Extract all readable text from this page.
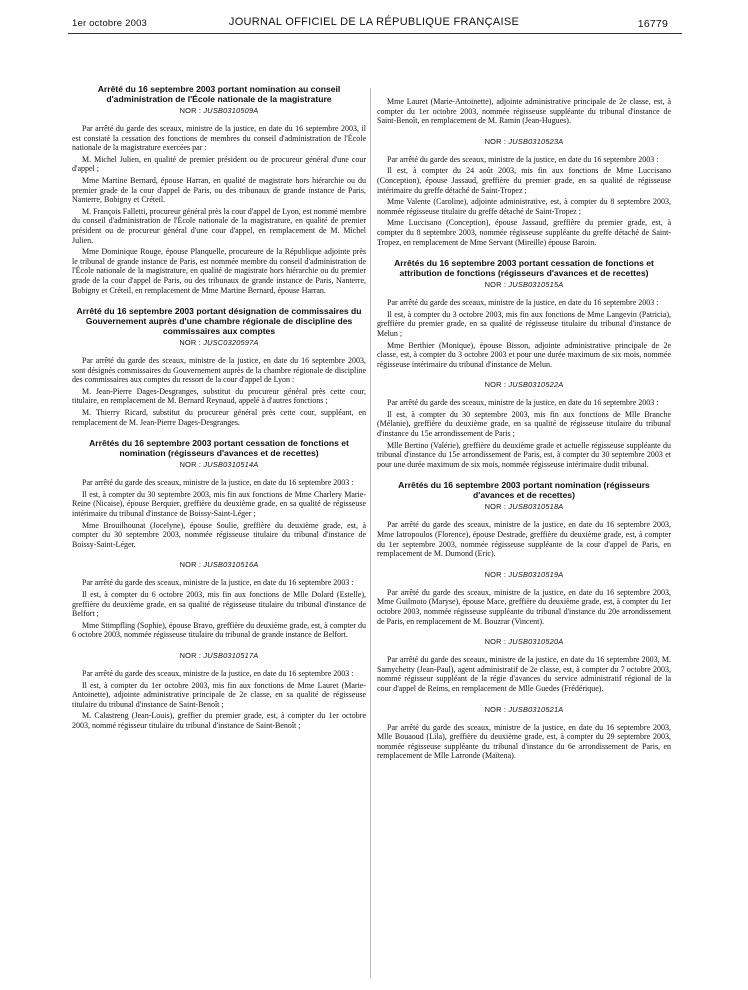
1er octobre 2003	JOURNAL OFFICIEL DE LA RÉPUBLIQUE FRANÇAISE	16779
Arrêté du 16 septembre 2003 portant nomination au conseil d'administration de l'École nationale de la magistrature
NOR : JUSB0310509A

Par arrêté du garde des sceaux, ministre de la justice, en date du 16 septembre 2003, il est constaté la cessation des fonctions de membres du conseil d'administration de l'École nationale de la magistrature exercées par :

M. Michel Julien, en qualité de premier président ou de procureur général d'une cour d'appel ;

Mme Martine Bernard, épouse Harran, en qualité de magistrate hors hiérarchie ou du premier grade de la cour d'appel de Paris, ou des tribunaux de grande instance de Paris, Nanterre, Bobigny et Créteil.

M. François Falletti, procureur général près la cour d'appel de Lyon, est nommé membre du conseil d'administration de l'École nationale de la magistrature, en qualité de premier président ou de procureur général d'une cour d'appel, en remplacement de M. Michel Julien.

Mme Dominique Rouge, épouse Planquelle, procureure de la République adjointe près le tribunal de grande instance de Paris, est nommée membre du conseil d'administration de l'École nationale de la magistrature, en qualité de magistrate hors hiérarchie ou du premier grade de la cour d'appel de Paris, ou des tribunaux de grande instance de Paris, Nanterre, Bobigny et Créteil, en remplacement de Mme Martine Bernard, épouse Harran.

Arrêté du 16 septembre 2003 portant désignation de commissaires du Gouvernement auprès d'une chambre régionale de discipline des commissaires aux comptes
NOR : JUSC0320597A

Par arrêté du garde des sceaux, ministre de la justice, en date du 16 septembre 2003, sont désignés commissaires du Gouvernement auprès de la chambre régionale de discipline des commissaires aux comptes du ressort de la cour d'appel de Lyon :

M. Jean-Pierre Dages-Desgranges, substitut du procureur général près cette cour, titulaire, en remplacement de M. Bernard Reynaud, appelé à d'autres fonctions ;

M. Thierry Ricard, substitut du procureur général près cette cour, suppléant, en remplacement de M. Jean-Pierre Dages-Desgranges.

Arrêtés du 16 septembre 2003 portant cessation de fonctions et nomination (régisseurs d'avances et de recettes)
NOR : JUSB0310514A

Par arrêté du garde des sceaux, ministre de la justice, en date du 16 septembre 2003 :

Il est, à compter du 30 septembre 2003, mis fin aux fonctions de Mme Charlery Marie-Reine (Nicaise), épouse Berquier, greffière du deuxième grade, en sa qualité de régisseuse intérimaire du tribunal d'instance de Boissy-Saint-Léger ;

Mme Brouilhounat (Jocelyne), épouse Soulie, greffière du deuxième grade, est, à compter du 30 septembre 2003, nommée régisseuse titulaire du tribunal d'instance de Boissy-Saint-Léger.

NOR : JUSB0310516A

Par arrêté du garde des sceaux, ministre de la justice, en date du 16 septembre 2003 :

Il est, à compter du 6 octobre 2003, mis fin aux fonctions de Mlle Dolard (Estelle), greffière du deuxième grade, en sa qualité de régisseuse titulaire du tribunal d'instance de Belfort ;

Mme Stimpfling (Sophie), épouse Bravo, greffière du deuxième grade, est, à compter du 6 octobre 2003, nommée régisseuse titulaire du tribunal de grande instance de Belfort.

NOR : JUSB0310517A

Par arrêté du garde des sceaux, ministre de la justice, en date du 16 septembre 2003 :

Il est, à compter du 1er octobre 2003, mis fin aux fonctions de Mme Lauret (Marie-Antoinette), adjointe administrative principale de 2e classe, en sa qualité de régisseuse titulaire du tribunal d'instance de Saint-Benoît ;

M. Calastreng (Jean-Louis), greffier du premier grade, est, à compter du 1er octobre 2003, nommé régisseur titulaire du tribunal d'instance de Saint-Benoît ;

Mme Lauret (Marie-Antoinette), adjointe administrative principale de 2e classe, est, à compter du 1er octobre 2003, nommée régisseuse suppléante du tribunal d'instance de Saint-Benoît, en remplacement de M. Ramin (Jean-Hugues).

NOR : JUSB0310523A

Par arrêté du garde des sceaux, ministre de la justice, en date du 16 septembre 2003 :

Il est, à compter du 24 août 2003, mis fin aux fonctions de Mme Luccisano (Conception), épouse Jassaud, greffière du premier grade, en sa qualité de régisseuse intérimaire du greffe détaché de Saint-Tropez ;

Mme Valente (Caroline), adjointe administrative, est, à compter du 8 septembre 2003, nommée régisseuse titulaire du greffe détaché de Saint-Tropez ;

Mme Luccisano (Conception), épouse Jassaud, greffière du premier grade, est, à compter du 8 septembre 2003, nommée régisseuse suppléante du greffe détaché de Saint-Tropez, en remplacement de Mme Servant (Mireille) épouse Baroin.

Arrêtés du 16 septembre 2003 portant cessation de fonctions et attribution de fonctions (régisseurs d'avances et de recettes)
NOR : JUSB0310515A

Par arrêté du garde des sceaux, ministre de la justice, en date du 16 septembre 2003 :

Il est, à compter du 3 octobre 2003, mis fin aux fonctions de Mme Langevin (Patricia), greffière du premier grade, en sa qualité de régisseuse titulaire du tribunal d'instance de Melun ;

Mme Berthier (Monique), épouse Bisson, adjointe administrative principale de 2e classe, est, à compter du 3 octobre 2003 et pour une durée maximum de six mois, nommée régisseuse intérimaire du tribunal d'instance de Melun.

NOR : JUSB0310522A

Par arrêté du garde des sceaux, ministre de la justice, en date du 16 septembre 2003 :

Il est, à compter du 30 septembre 2003, mis fin aux fonctions de Mlle Branche (Mélanie), greffière du deuxième grade, en sa qualité de régisseuse titulaire du tribunal d'instance du 15e arrondissement de Paris ;

Mlle Bertino (Valérie), greffière du deuxième grade et actuelle régisseuse suppléante du tribunal d'instance du 15e arrondissement de Paris, est, à compter du 30 septembre 2003 et pour une durée maximum de six mois, nommée régisseuse intérimaire dudit tribunal.

Arrêtés du 16 septembre 2003 portant nomination (régisseurs d'avances et de recettes)
NOR : JUSB0310518A

Par arrêté du garde des sceaux, ministre de la justice, en date du 16 septembre 2003, Mme Iatropoulos (Florence), épouse Destrade, greffière du deuxième grade, est, à compter du 1er septembre 2003, nommée régisseuse suppléante de la cour d'appel de Paris, en remplacement de M. Dumond (Eric).

NOR : JUSB0310519A

Par arrêté du garde des sceaux, ministre de la justice, en date du 16 septembre 2003, Mme Guilmoto (Maryse), épouse Mace, greffière du deuxième grade, est, à compter du 1er octobre 2003, nommée régisseuse suppléante du tribunal d'instance du 20e arrondissement de Paris, en remplacement de M. Bouzrar (Vincent).

NOR : JUSB0310520A

Par arrêté du garde des sceaux, ministre de la justice, en date du 16 septembre 2003, M. Samychetty (Jean-Paul), agent administratif de 2e classe, est, à compter du 7 octobre 2003, nommé régisseur suppléant de la régie d'avances du service administratif régional de la cour d'appel de Reims, en remplacement de Mlle Guedes (Frédérique).

NOR : JUSB0310521A

Par arrêté du garde des sceaux, ministre de la justice, en date du 16 septembre 2003, Mlle Bouaoud (Lila), greffière du deuxième grade, est, à compter du 29 septembre 2003, nommée régisseuse suppléante du tribunal d'instance du 6e arrondissement de Paris, en remplacement de Mlle Larronde (Maïtena).
